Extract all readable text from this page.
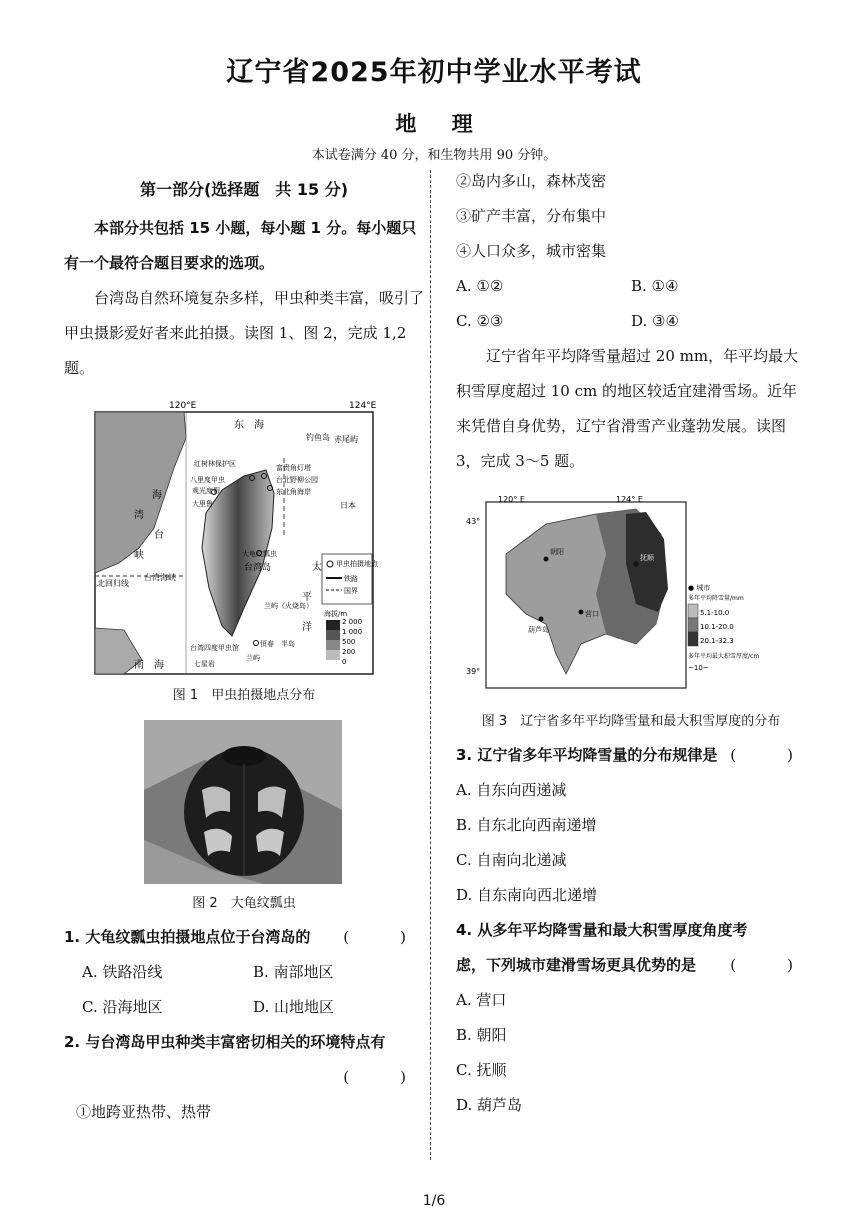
辽宁省2025年初中学业水平考试
地 理
本试卷满分 40 分，和生物共用 90 分钟。
第一部分(选择题　共 15 分)

本部分共包括 15 小题，每小题 1 分。每小题只有一个最符合题目要求的选项。

台湾岛自然环境复杂多样，甲虫种类丰富，吸引了甲虫摄影爱好者来此拍摄。读图 1、图 2，完成 1,2 题。

120°E	124°E
东　海
钓鱼岛 赤尾屿
湾
峡
台
海
北回归线
台湾海峡
台湾岛	太
平
洋
南　海
红树林保护区
八里度甲虫
观光度假
大里鲁
富贵角灯塔
台北野柳公园
东北角海岸
大龟纹瓢虫
兰屿（火烧岛）
台湾四度甲虫馆
七星岩
恒春　半岛
兰屿
日本
甲虫拍摄地点
铁路
国界
海拔/m
2 000
1 000
500
200
0
图 1　甲虫拍摄地点分布
图 2　大龟纹瓢虫
1. 大龟纹瓢虫拍摄地点位于台湾岛的 (　)
A. 铁路沿线	B. 南部地区
C. 沿海地区	D. 山地地区
2. 与台湾岛甲虫种类丰富密切相关的环境特点有
(　)
①地跨亚热带、热带
②岛内多山，森林茂密
③矿产丰富，分布集中
④人口众多，城市密集
A. ①②	B. ①④
C. ②③	D. ③④

辽宁省年平均降雪量超过 20 mm，年平均最大积雪厚度超过 10 cm 的地区较适宜建滑雪场。近年来凭借自身优势，辽宁省滑雪产业蓬勃发展。读图 3，完成 3～5 题。

120° E	124° E
43°
39°
朝阳
营口
抚顺
葫芦岛
● 城市
多年平均降雪量/mm
5.1-10.0
10.1-20.0
20.1-32.3
多年平均最大积雪厚度/cm
~10~
图 3　辽宁省多年平均降雪量和最大积雪厚度的分布
3. 辽宁省多年平均降雪量的分布规律是 (　)
A. 自东向西递减
B. 自东北向西南递增
C. 自南向北递减
D. 自东南向西北递增
4. 从多年平均降雪量和最大积雪厚度角度考虑，下列城市建滑雪场更具优势的是	(　)
A. 营口
B. 朝阳
C. 抚顺
D. 葫芦岛
1/6
